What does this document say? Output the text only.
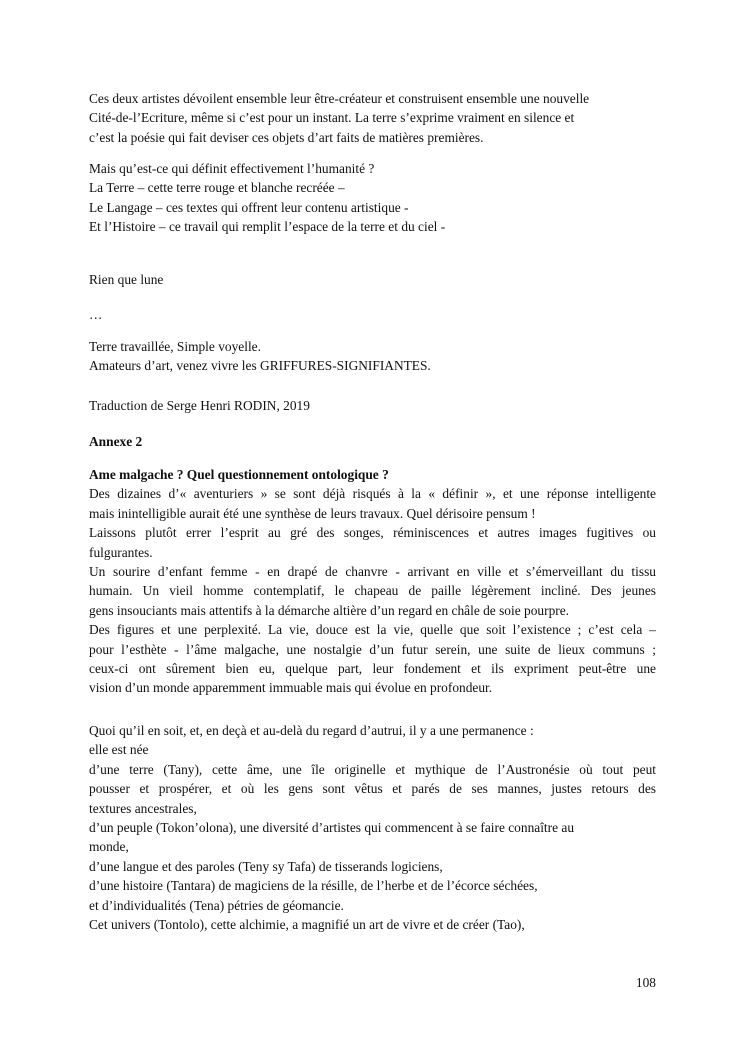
Ces deux artistes dévoilent ensemble leur être-créateur et construisent ensemble une nouvelle
Cité-de-l’Ecriture, même si c’est pour un instant. La terre s’exprime vraiment en silence et
c’est la poésie qui fait deviser ces objets d’art faits de matières premières.
Mais qu’est-ce qui définit effectivement l’humanité ?
La Terre – cette terre rouge et blanche recréée –
Le Langage – ces textes qui offrent leur contenu artistique -
Et l’Histoire – ce travail qui remplit l’espace de la terre et du ciel -
Rien que lune
…
Terre travaillée, Simple voyelle.
Amateurs d’art, venez vivre les GRIFFURES-SIGNIFIANTES.
Traduction de Serge Henri RODIN, 2019
Annexe 2
Ame malgache ? Quel questionnement ontologique ?
Des dizaines d’« aventuriers » se sont déjà risqués à la « définir », et une réponse intelligente
mais inintelligible aurait été une synthèse de leurs travaux. Quel dérisoire pensum !
Laissons plutôt errer l’esprit au gré des songes, réminiscences et autres images fugitives ou
fulgurantes.
Un sourire d’enfant femme - en drapé de chanvre - arrivant en ville et s’émerveillant du tissu
humain. Un vieil homme contemplatif, le chapeau de paille légèrement incliné. Des jeunes
gens insouciants mais attentifs à la démarche altière d’un regard en châle de soie pourpre.
Des figures et une perplexité. La vie, douce est la vie, quelle que soit l’existence ; c’est cela –
pour l’esthète - l’âme malgache, une nostalgie d’un futur serein, une suite de lieux communs ;
ceux-ci ont sûrement bien eu, quelque part, leur fondement et ils expriment peut-être une
vision d’un monde apparemment immuable mais qui évolue en profondeur.
Quoi qu’il en soit, et, en deçà et au-delà du regard d’autrui, il y a une permanence :
elle est née
d’une terre (Tany), cette âme, une île originelle et mythique de l’Austronésie où tout peut
pousser et prospérer, et où les gens sont vêtus et parés de ses mannes, justes retours des
textures ancestrales,
d’un peuple (Tokon’olona), une diversité d’artistes qui commencent à se faire connaître au
monde,
d’une langue et des paroles (Teny sy Tafa) de tisserands logiciens,
d’une histoire (Tantara) de magiciens de la résille, de l’herbe et de l’écorce séchées,
et d’individualités (Tena) pétries de géomancie.
Cet univers (Tontolo), cette alchimie, a magnifié un art de vivre et de créer (Tao),
108
